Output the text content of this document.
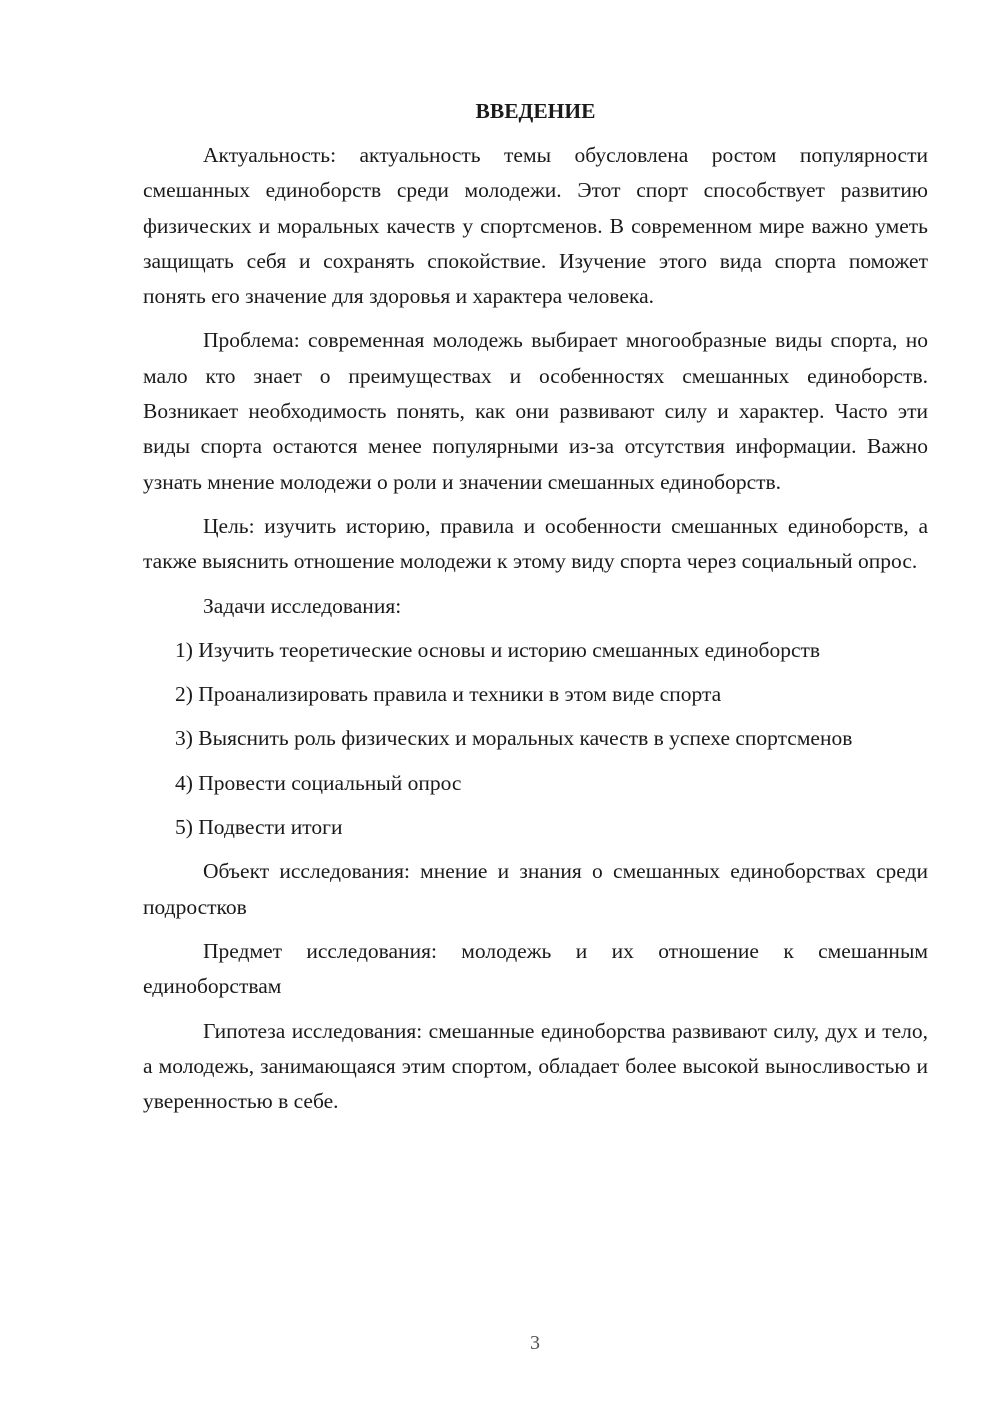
ВВЕДЕНИЕ

Актуальность: актуальность темы обусловлена ростом популярности смешанных единоборств среди молодежи. Этот спорт способствует развитию физических и моральных качеств у спортсменов. В современном мире важно уметь защищать себя и сохранять спокойствие. Изучение этого вида спорта поможет понять его значение для здоровья и характера человека.

Проблема: современная молодежь выбирает многообразные виды спорта, но мало кто знает о преимуществах и особенностях смешанных единоборств. Возникает необходимость понять, как они развивают силу и характер. Часто эти виды спорта остаются менее популярными из-за отсутствия информации. Важно узнать мнение молодежи о роли и значении смешанных единоборств.

Цель: изучить историю, правила и особенности смешанных единоборств, а также выяснить отношение молодежи к этому виду спорта через социальный опрос.

Задачи исследования:

1) Изучить теоретические основы и историю смешанных единоборств

2) Проанализировать правила и техники в этом виде спорта

3) Выяснить роль физических и моральных качеств в успехе спортсменов

4) Провести социальный опрос

5) Подвести итоги

Объект исследования: мнение и знания о смешанных единоборствах среди подростков

Предмет исследования: молодежь и их отношение к смешанным единоборствам

Гипотеза исследования: смешанные единоборства развивают силу, дух и тело, а молодежь, занимающаяся этим спортом, обладает более высокой выносливостью и уверенностью в себе.

3
